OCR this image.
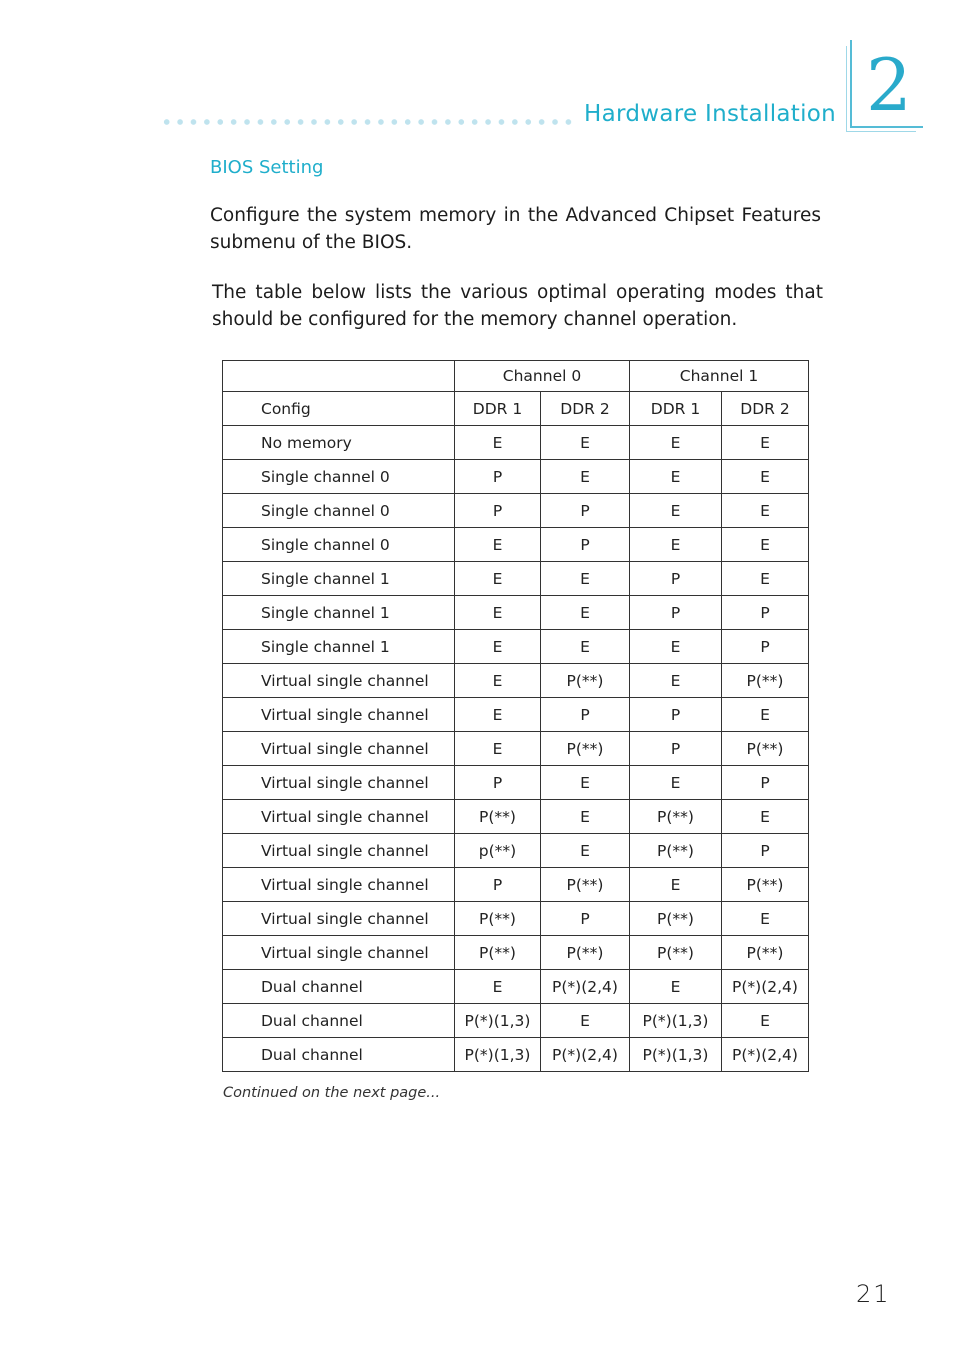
Hardware Installation 2
BIOS Setting
Configure the system memory in the Advanced Chipset Features submenu of the BIOS.
The table below lists the various optimal operating modes that should be configured for the memory channel operation.
	Channel 0		Channel 1	
Config	DDR 1	DDR 2	DDR 1	DDR 2
No memory	E	E	E	E
Single channel 0	P	E	E	E
Single channel 0	P	P	E	E
Single channel 0	E	P	E	E
Single channel 1	E	E	P	E
Single channel 1	E	E	P	P
Single channel 1	E	E	E	P
Virtual single channel	E	P(**)	E	P(**)
Virtual single channel	E	P	P	E
Virtual single channel	E	P(**)	P	P(**)
Virtual single channel	P	E	E	P
Virtual single channel	P(**)	E	P(**)	E
Virtual single channel	p(**)	E	P(**)	P
Virtual single channel	P	P(**)	E	P(**)
Virtual single channel	P(**)	P	P(**)	E
Virtual single channel	P(**)	P(**)	P(**)	P(**)
Dual channel	E	P(*)(2,4)	E	P(*)(2,4)
Dual channel	P(*)(1,3)	E	P(*)(1,3)	E
Dual channel	P(*)(1,3)	P(*)(2,4)	P(*)(1,3)	P(*)(2,4)
Continued on the next page...
21
